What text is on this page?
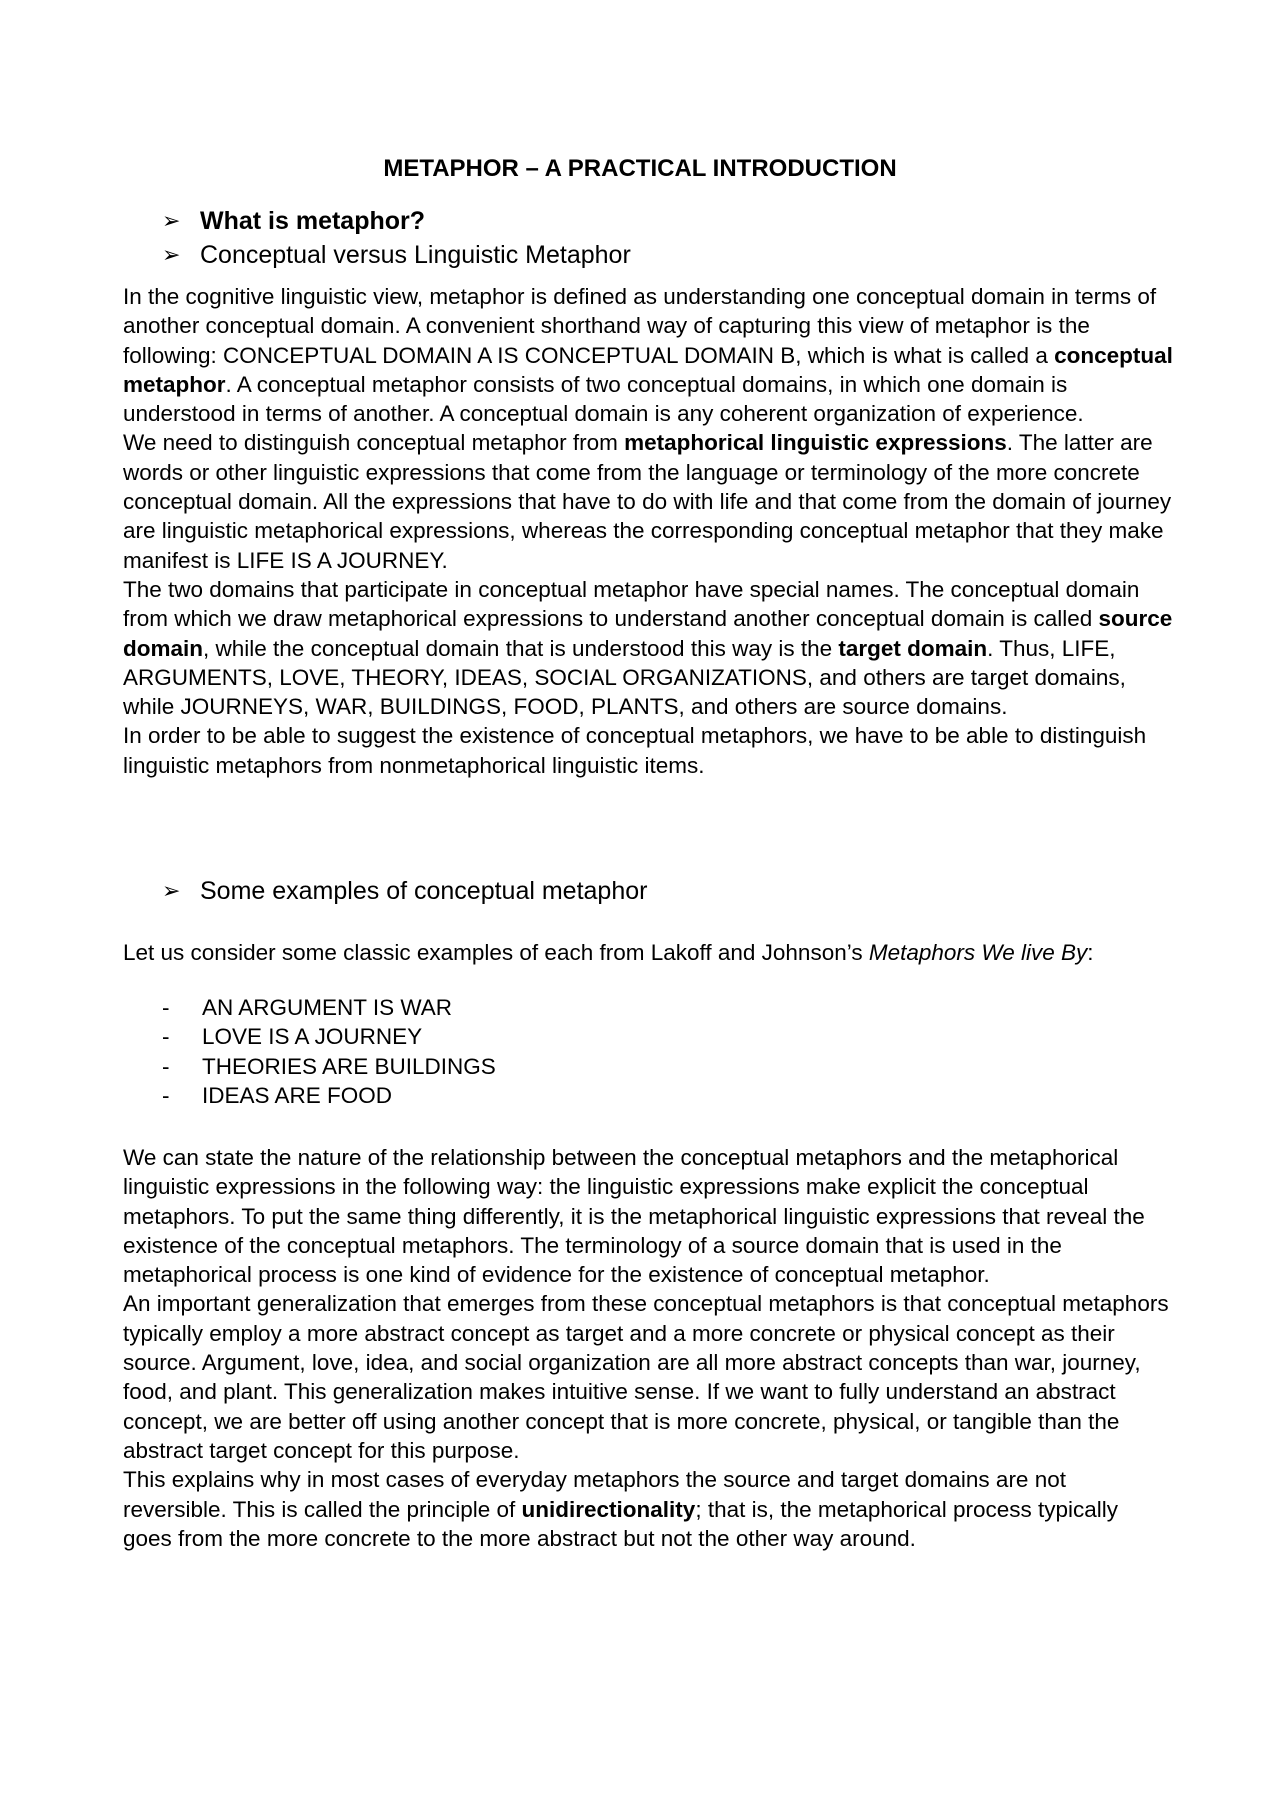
METAPHOR – A PRACTICAL INTRODUCTION
➢ What is metaphor?
➢ Conceptual versus Linguistic Metaphor

In the cognitive linguistic view, metaphor is defined as understanding one conceptual domain in terms of another conceptual domain. A convenient shorthand way of capturing this view of metaphor is the following: CONCEPTUAL DOMAIN A IS CONCEPTUAL DOMAIN B, which is what is called a conceptual metaphor. A conceptual metaphor consists of two conceptual domains, in which one domain is understood in terms of another. A conceptual domain is any coherent organization of experience.

We need to distinguish conceptual metaphor from metaphorical linguistic expressions. The latter are words or other linguistic expressions that come from the language or terminology of the more concrete conceptual domain. All the expressions that have to do with life and that come from the domain of journey are linguistic metaphorical expressions, whereas the corresponding conceptual metaphor that they make manifest is LIFE IS A JOURNEY.

The two domains that participate in conceptual metaphor have special names. The conceptual domain from which we draw metaphorical expressions to understand another conceptual domain is called source domain, while the conceptual domain that is understood this way is the target domain. Thus, LIFE, ARGUMENTS, LOVE, THEORY, IDEAS, SOCIAL ORGANIZATIONS, and others are target domains, while JOURNEYS, WAR, BUILDINGS, FOOD, PLANTS, and others are source domains.

In order to be able to suggest the existence of conceptual metaphors, we have to be able to distinguish linguistic metaphors from nonmetaphorical linguistic items.

➢ Some examples of conceptual metaphor

Let us consider some classic examples of each from Lakoff and Johnson’s Metaphors We live By:

-	AN ARGUMENT IS WAR
-	LOVE IS A JOURNEY
-	THEORIES ARE BUILDINGS
-	IDEAS ARE FOOD

We can state the nature of the relationship between the conceptual metaphors and the metaphorical linguistic expressions in the following way: the linguistic expressions make explicit the conceptual metaphors. To put the same thing differently, it is the metaphorical linguistic expressions that reveal the existence of the conceptual metaphors. The terminology of a source domain that is used in the metaphorical process is one kind of evidence for the existence of conceptual metaphor.

An important generalization that emerges from these conceptual metaphors is that conceptual metaphors typically employ a more abstract concept as target and a more concrete or physical concept as their source. Argument, love, idea, and social organization are all more abstract concepts than war, journey, food, and plant. This generalization makes intuitive sense. If we want to fully understand an abstract concept, we are better off using another concept that is more concrete, physical, or tangible than the abstract target concept for this purpose.

This explains why in most cases of everyday metaphors the source and target domains are not reversible. This is called the principle of unidirectionality; that is, the metaphorical process typically goes from the more concrete to the more abstract but not the other way around.
